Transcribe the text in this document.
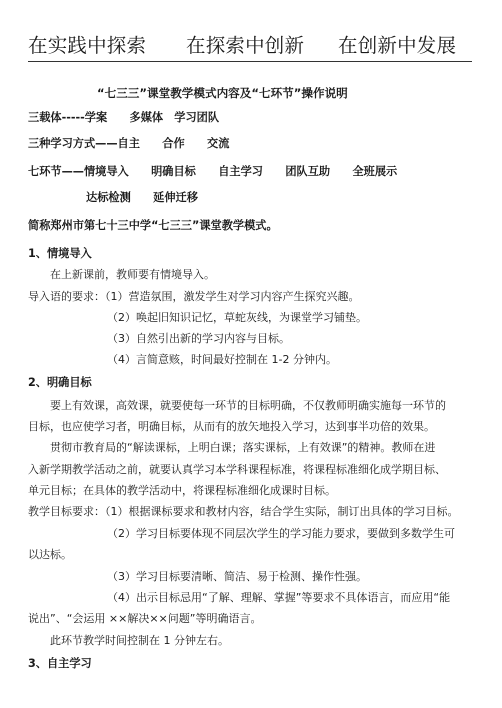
在实践中探索 在探索中创新 在创新中发展
“七三三”课堂教学模式内容及“七环节”操作说明
三载体-----学案　　多媒体　学习团队
三种学习方式——自主　　合作　　交流
七环节——情境导入　　明确目标　　自主学习　　团队互助　　全班展示
达标检测　　延伸迁移
简称郑州市第七十三中学“七三三”课堂教学模式。
1、情境导入
在上新课前，教师要有情境导入。
导入语的要求：（1）营造氛围，激发学生对学习内容产生探究兴趣。
（2）唤起旧知识记忆，草蛇灰线，为课堂学习铺垫。
（3）自然引出新的学习内容与目标。
（4）言简意赅，时间最好控制在 1-2 分钟内。
2、明确目标
要上有效课，高效课，就要使每一环节的目标明确，不仅教师明确实施每一环节的
目标，也应使学习者，明确目标，从而有的放矢地投入学习，达到事半功倍的效果。
贯彻市教育局的“解读课标，上明白课；落实课标，上有效课”的精神。教师在进
入新学期教学活动之前，就要认真学习本学科课程标准，将课程标准细化成学期目标、
单元目标；在具体的教学活动中，将课程标准细化成课时目标。
教学目标要求：（1）根据课标要求和教材内容，结合学生实际，制订出具体的学习目标。
（2）学习目标要体现不同层次学生的学习能力要求，要做到多数学生可
以达标。
（3）学习目标要清晰、简洁、易于检测、操作性强。
（4）出示目标忌用“了解、理解、掌握”等要求不具体语言，而应用“能
说出”、“会运用 ××解决××问题”等明确语言。
此环节教学时间控制在 1 分钟左右。
3、自主学习
